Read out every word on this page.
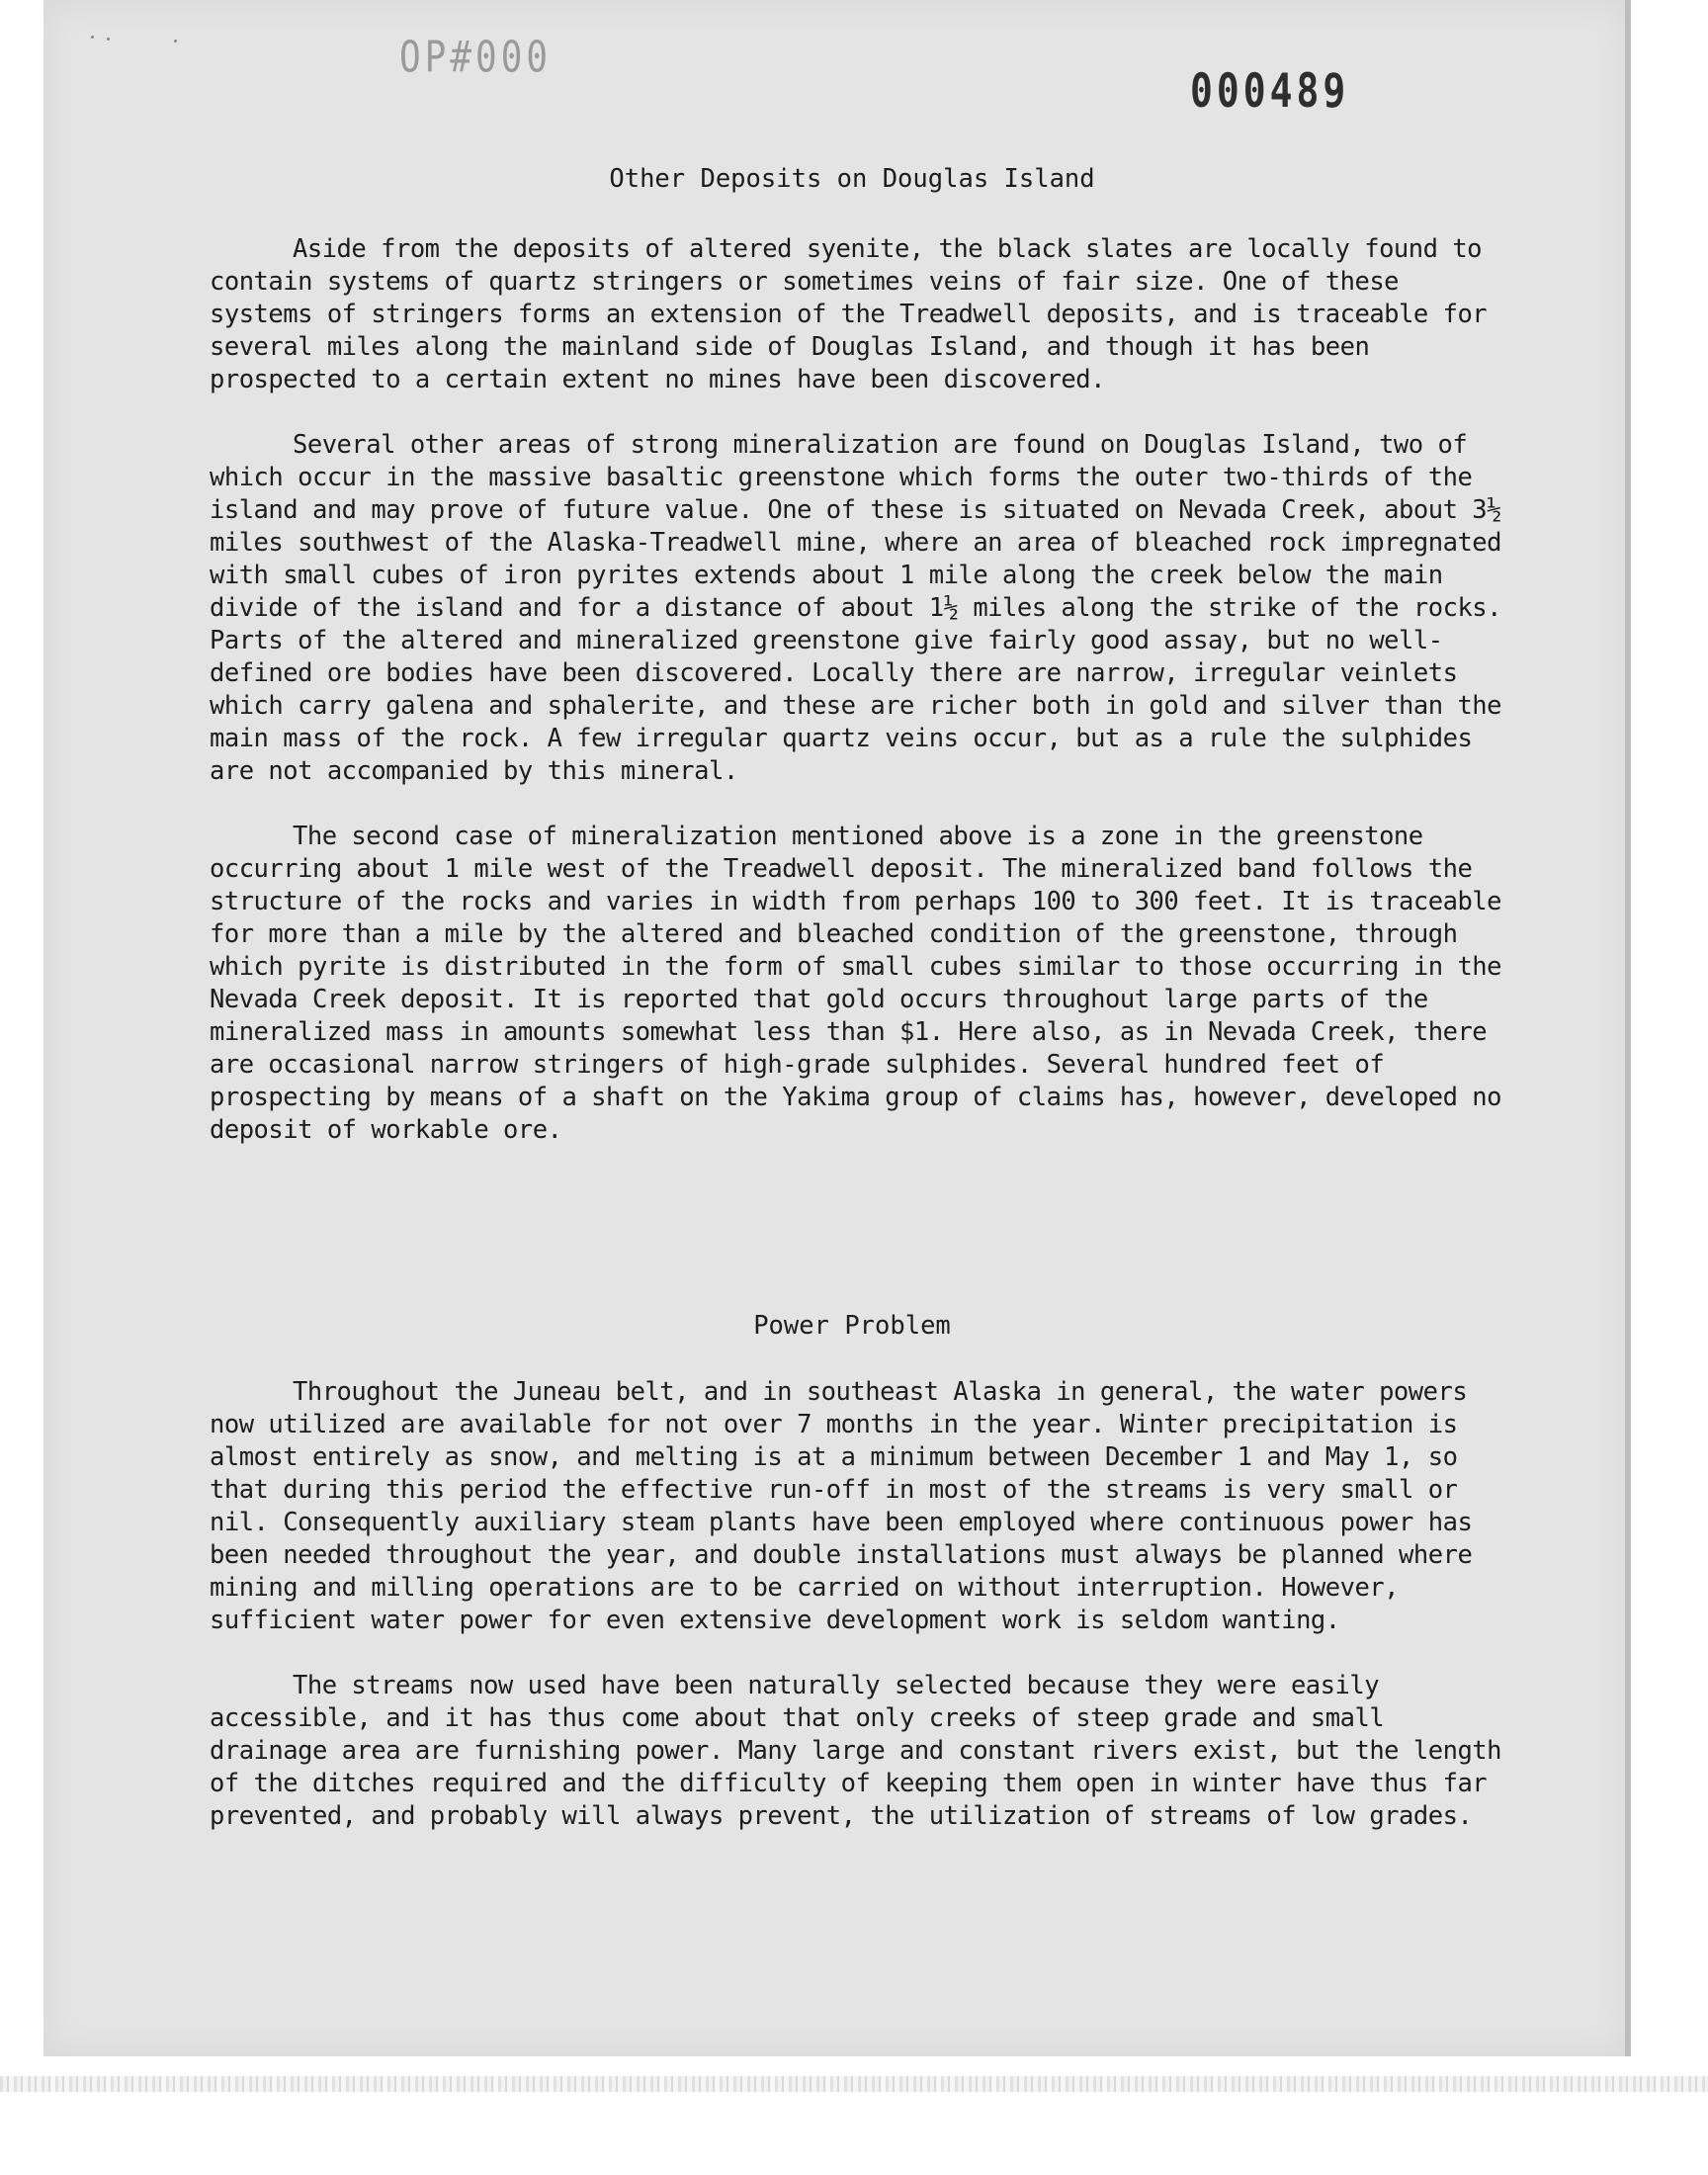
OP#000
000489
Other Deposits on Douglas Island

Aside from the deposits of altered syenite, the black slates are locally found to contain systems of quartz stringers or sometimes veins of fair size. One of these systems of stringers forms an extension of the Treadwell deposits, and is traceable for several miles along the mainland side of Douglas Island, and though it has been prospected to a certain extent no mines have been discovered.

Several other areas of strong mineralization are found on Douglas Island, two of which occur in the massive basaltic greenstone which forms the outer two-thirds of the island and may prove of future value. One of these is situated on Nevada Creek, about 3½ miles southwest of the Alaska-Treadwell mine, where an area of bleached rock impregnated with small cubes of iron pyrites extends about 1 mile along the creek below the main divide of the island and for a distance of about 1½ miles along the strike of the rocks. Parts of the altered and mineralized greenstone give fairly good assay, but no well-defined ore bodies have been discovered. Locally there are narrow, irregular veinlets which carry galena and sphalerite, and these are richer both in gold and silver than the main mass of the rock. A few irregular quartz veins occur, but as a rule the sulphides are not accompanied by this mineral.

The second case of mineralization mentioned above is a zone in the greenstone occurring about 1 mile west of the Treadwell deposit. The mineralized band follows the structure of the rocks and varies in width from perhaps 100 to 300 feet. It is traceable for more than a mile by the altered and bleached condition of the greenstone, through which pyrite is distributed in the form of small cubes similar to those occurring in the Nevada Creek deposit. It is reported that gold occurs throughout large parts of the mineralized mass in amounts somewhat less than $1. Here also, as in Nevada Creek, there are occasional narrow stringers of high-grade sulphides. Several hundred feet of prospecting by means of a shaft on the Yakima group of claims has, however, developed no deposit of workable ore.

Power Problem

Throughout the Juneau belt, and in southeast Alaska in general, the water powers now utilized are available for not over 7 months in the year. Winter precipitation is almost entirely as snow, and melting is at a minimum between December 1 and May 1, so that during this period the effective run-off in most of the streams is very small or nil. Consequently auxiliary steam plants have been employed where continuous power has been needed throughout the year, and double installations must always be planned where mining and milling operations are to be carried on without interruption. However, sufficient water power for even extensive development work is seldom wanting.

The streams now used have been naturally selected because they were easily accessible, and it has thus come about that only creeks of steep grade and small drainage area are furnishing power. Many large and constant rivers exist, but the length of the ditches required and the difficulty of keeping them open in winter have thus far prevented, and probably will always prevent, the utilization of streams of low grades.
